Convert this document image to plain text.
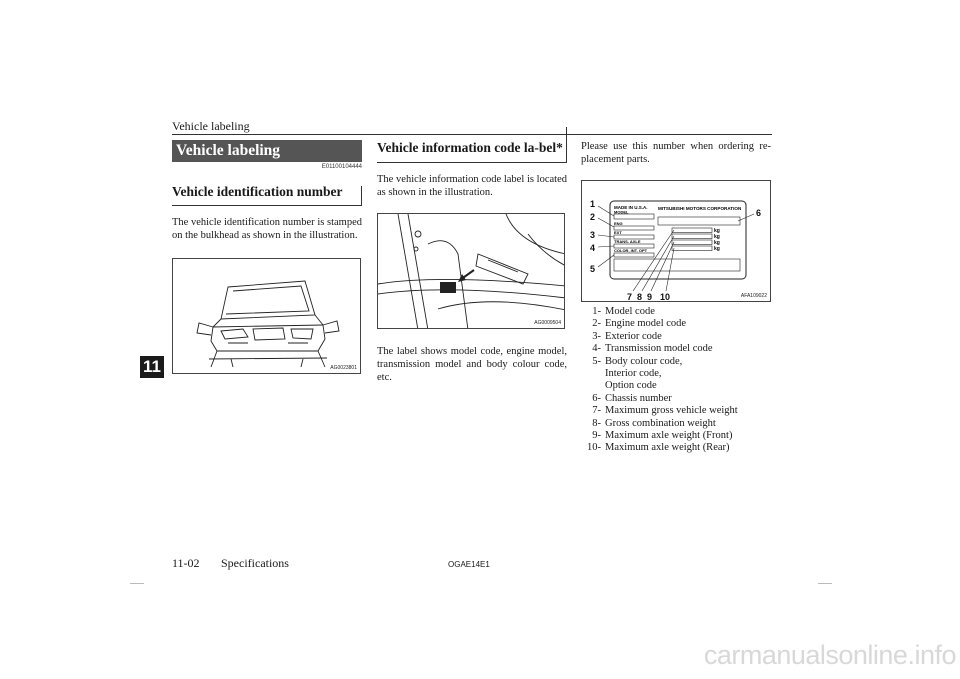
Vehicle labeling
11
Vehicle labeling
E01100104444
Vehicle identification number

The vehicle identification number is stamped on the bulkhead as shown in the illustration.

AG0023801
Vehicle information code la-bel*

The vehicle information code label is located as shown in the illustration.

AG0009504

The label shows model code, engine model, transmission model and body colour code, etc.

Please use this number when ordering re-placement parts.

MADE IN U.S.A.
MODEL
ENG
EXT
TRANS. AXLE
COLOR, INT. OPT
MITSUBISHI MOTORS CORPORATION
kg
kg
kg
kg
1
2
3
4
5
6
7 8 9 10	AFA109022
1- Model code
2- Engine model code
3- Exterior code
4- Transmission model code
5- Body colour code,
Interior code,
Option code
6- Chassis number
7- Maximum gross vehicle weight
8- Gross combination weight
9- Maximum axle weight (Front)
10- Maximum axle weight (Rear)
11-02 Specifications	OGAE14E1
carmanualsonline.info
